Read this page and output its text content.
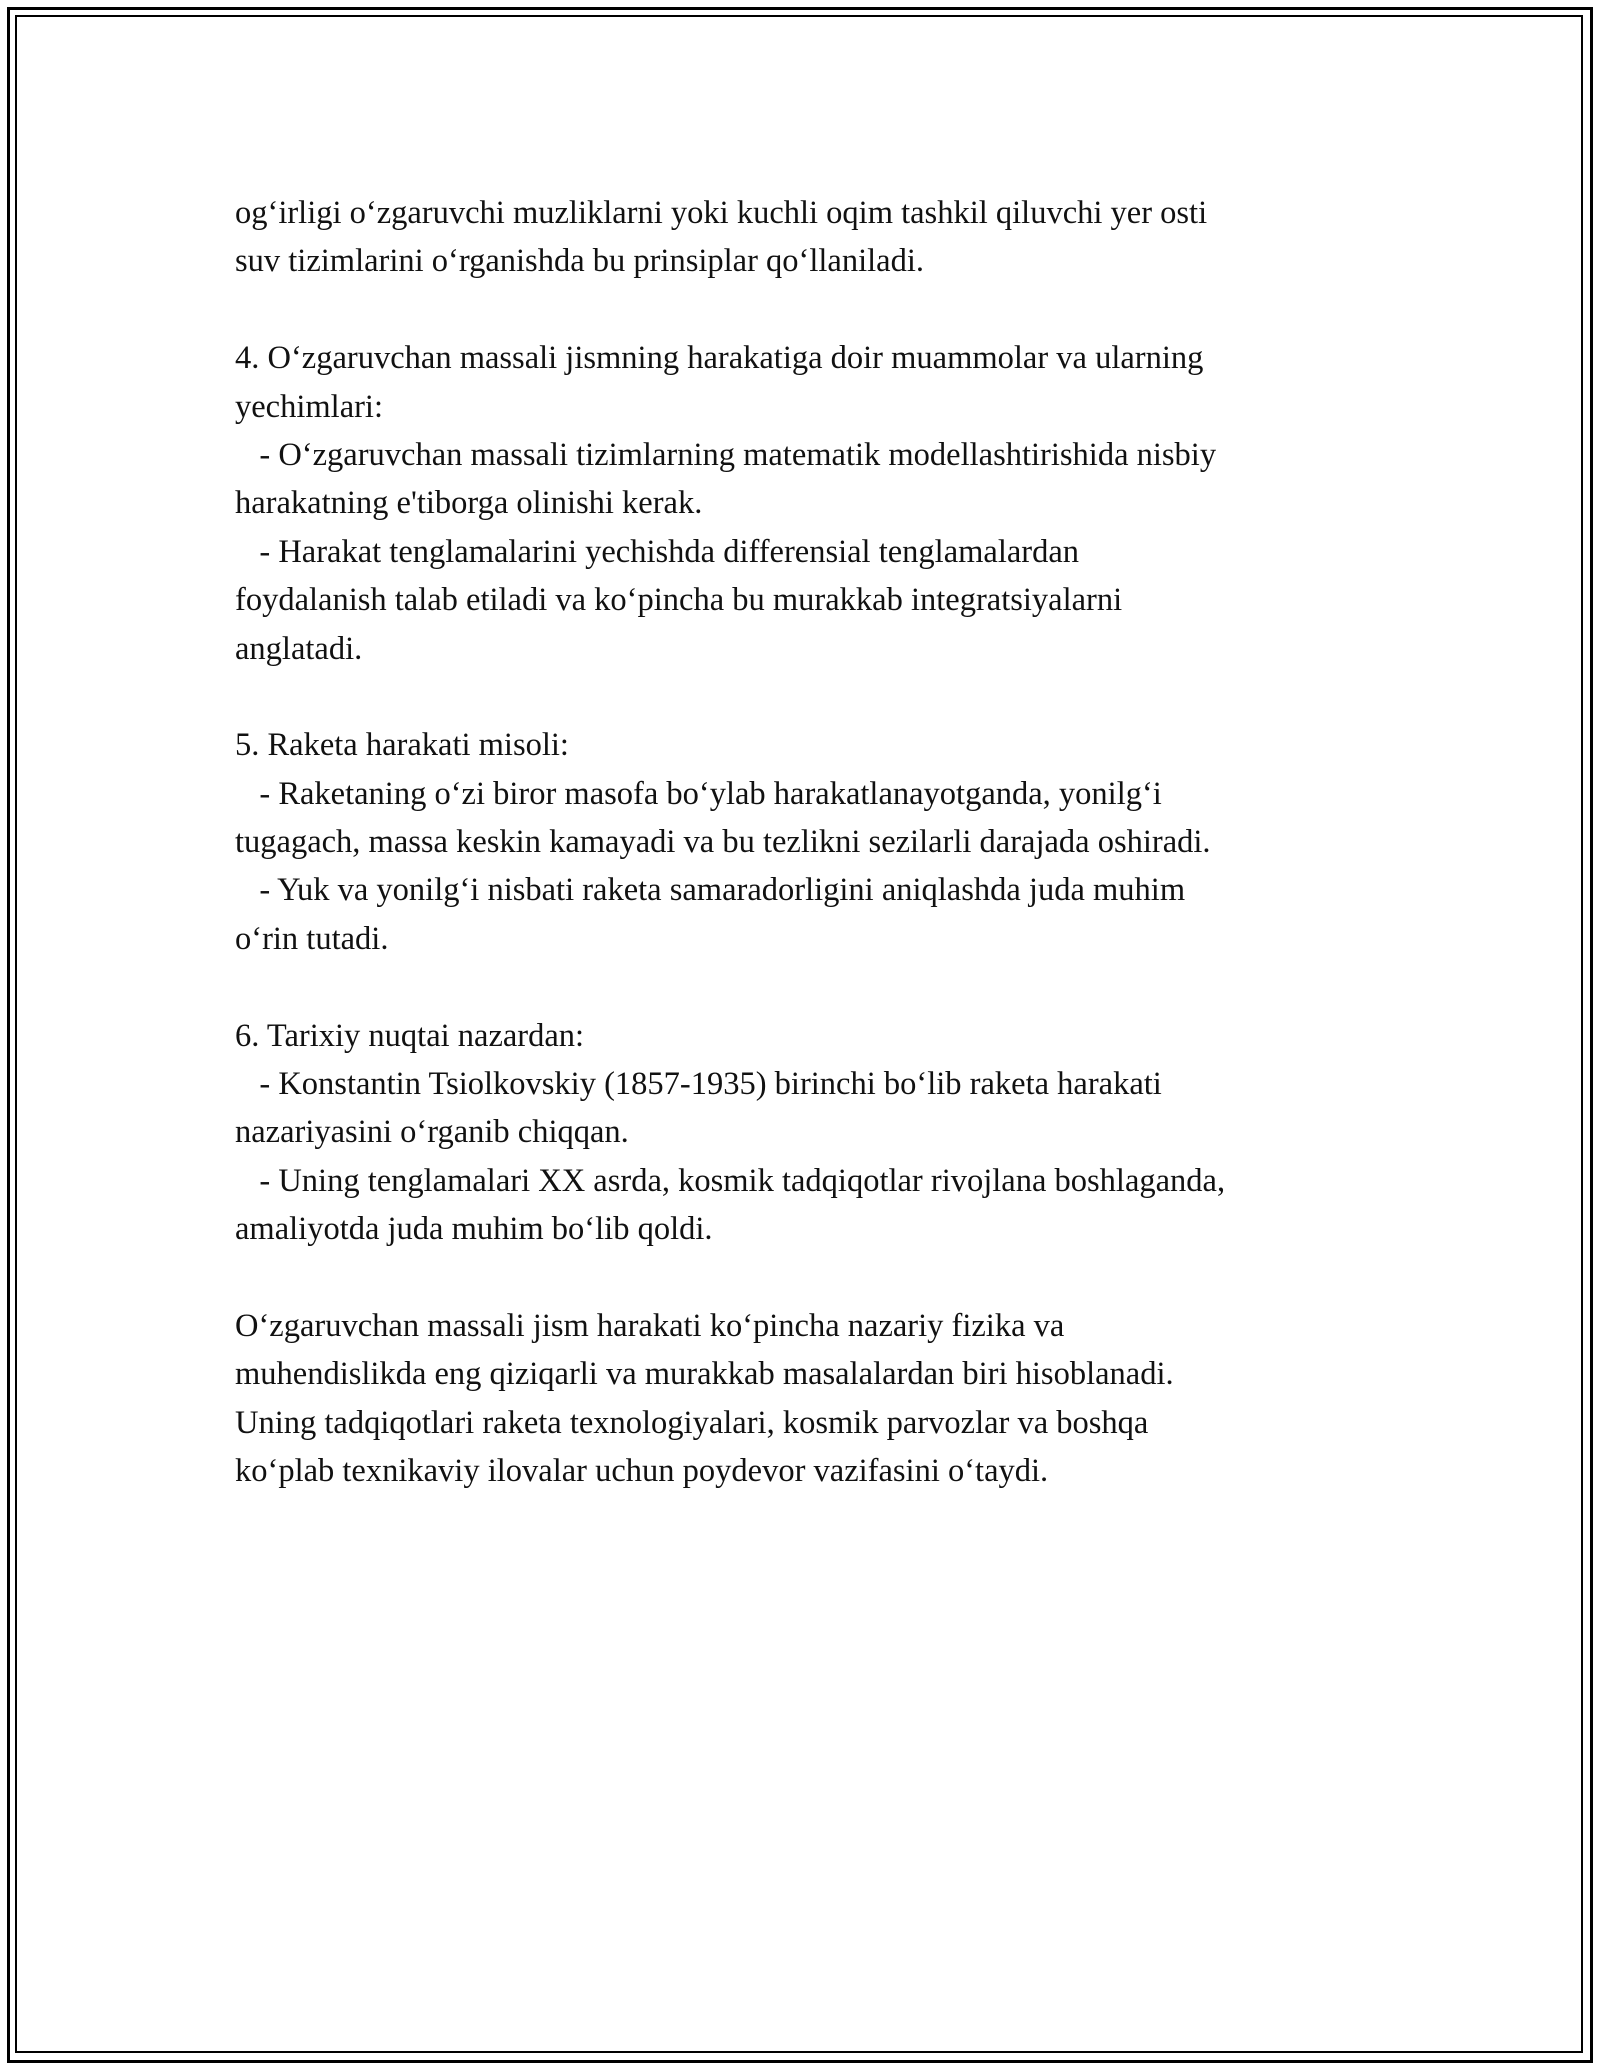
og‘irligi o‘zgaruvchi muzliklarni yoki kuchli oqim tashkil qiluvchi yer osti
suv tizimlarini o‘rganishda bu prinsiplar qo‘llaniladi.
4. O‘zgaruvchan massali jismning harakatiga doir muammolar va ularning
yechimlari:
- O‘zgaruvchan massali tizimlarning matematik modellashtirishida nisbiy
harakatning e'tiborga olinishi kerak.
- Harakat tenglamalarini yechishda differensial tenglamalardan
foydalanish talab etiladi va ko‘pincha bu murakkab integratsiyalarni
anglatadi.
5. Raketa harakati misoli:
- Raketaning o‘zi biror masofa bo‘ylab harakatlanayotganda, yonilg‘i
tugagach, massa keskin kamayadi va bu tezlikni sezilarli darajada oshiradi.
- Yuk va yonilg‘i nisbati raketa samaradorligini aniqlashda juda muhim
o‘rin tutadi.
6. Tarixiy nuqtai nazardan:
- Konstantin Tsiolkovskiy (1857-1935) birinchi bo‘lib raketa harakati
nazariyasini o‘rganib chiqqan.
- Uning tenglamalari XX asrda, kosmik tadqiqotlar rivojlana boshlaganda,
amaliyotda juda muhim bo‘lib qoldi.
O‘zgaruvchan massali jism harakati ko‘pincha nazariy fizika va
muhendislikda eng qiziqarli va murakkab masalalardan biri hisoblanadi.
Uning tadqiqotlari raketa texnologiyalari, kosmik parvozlar va boshqa
ko‘plab texnikaviy ilovalar uchun poydevor vazifasini o‘taydi.
